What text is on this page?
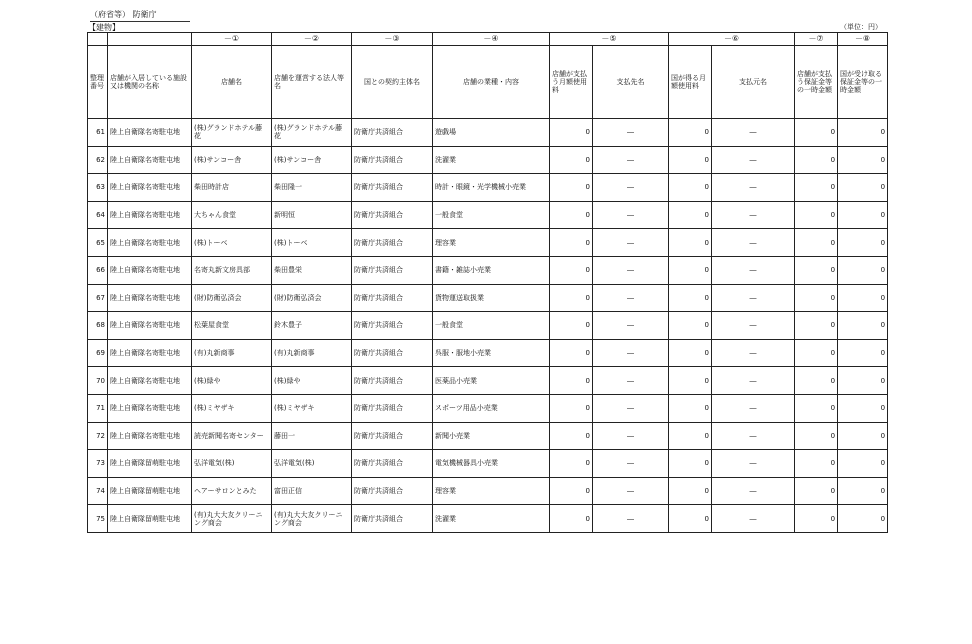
（府省等） 防衛庁
【建物】	（単位：円）
		－①	－②	－③	－④	－⑤		－⑥		－⑦	－⑧
整理番号	店舗が入居している施設又は機関の名称	店舗名	店舗を運営する法人等名	国との契約主体名	店舗の業種・内容	店舗が支払う月額使用料	支払先名	国が得る月額使用料	支払元名	店舗が支払う保証金等の一時金額	国が受け取る保証金等の一時金額
61	陸上自衛隊名寄駐屯地	(株)グランドホテル藤花	(株)グランドホテル藤花	防衛庁共済組合	遊戯場	0	―	0	―	0	0
62	陸上自衛隊名寄駐屯地	(株)サンコー舎	(株)サンコー舎	防衛庁共済組合	洗濯業	0	―	0	―	0	0
63	陸上自衛隊名寄駐屯地	柴田時計店	柴田隆一	防衛庁共済組合	時計・眼鏡・光学機械小売業	0	―	0	―	0	0
64	陸上自衛隊名寄駐屯地	大ちゃん食堂	新明恒	防衛庁共済組合	一般食堂	0	―	0	―	0	0
65	陸上自衛隊名寄駐屯地	(株)トーベ	(株)トーベ	防衛庁共済組合	理容業	0	―	0	―	0	0
66	陸上自衛隊名寄駐屯地	名寄丸新文房具部	柴田豊栄	防衛庁共済組合	書籍・雑誌小売業	0	―	0	―	0	0
67	陸上自衛隊名寄駐屯地	(財)防衛弘済会	(財)防衛弘済会	防衛庁共済組合	貨物運送取扱業	0	―	0	―	0	0
68	陸上自衛隊名寄駐屯地	松葉屋食堂	鈴木豊子	防衛庁共済組合	一般食堂	0	―	0	―	0	0
69	陸上自衛隊名寄駐屯地	(有)丸新商事	(有)丸新商事	防衛庁共済組合	呉服・服地小売業	0	―	0	―	0	0
70	陸上自衛隊名寄駐屯地	(株)緑や	(株)緑や	防衛庁共済組合	医薬品小売業	0	―	0	―	0	0
71	陸上自衛隊名寄駐屯地	(株)ミヤザキ	(株)ミヤザキ	防衛庁共済組合	スポーツ用品小売業	0	―	0	―	0	0
72	陸上自衛隊名寄駐屯地	読売新聞名寄センター	藤田一	防衛庁共済組合	新聞小売業	0	―	0	―	0	0
73	陸上自衛隊留萌駐屯地	弘洋電気(株)	弘洋電気(株)	防衛庁共済組合	電気機械器具小売業	0	―	0	―	0	0
74	陸上自衛隊留萌駐屯地	ヘアーサロンとみた	富田正信	防衛庁共済組合	理容業	0	―	0	―	0	0
75	陸上自衛隊留萌駐屯地	(有)丸大大友クリーニング商会	(有)丸大大友クリーニング商会	防衛庁共済組合	洗濯業	0	―	0	―	0	0
